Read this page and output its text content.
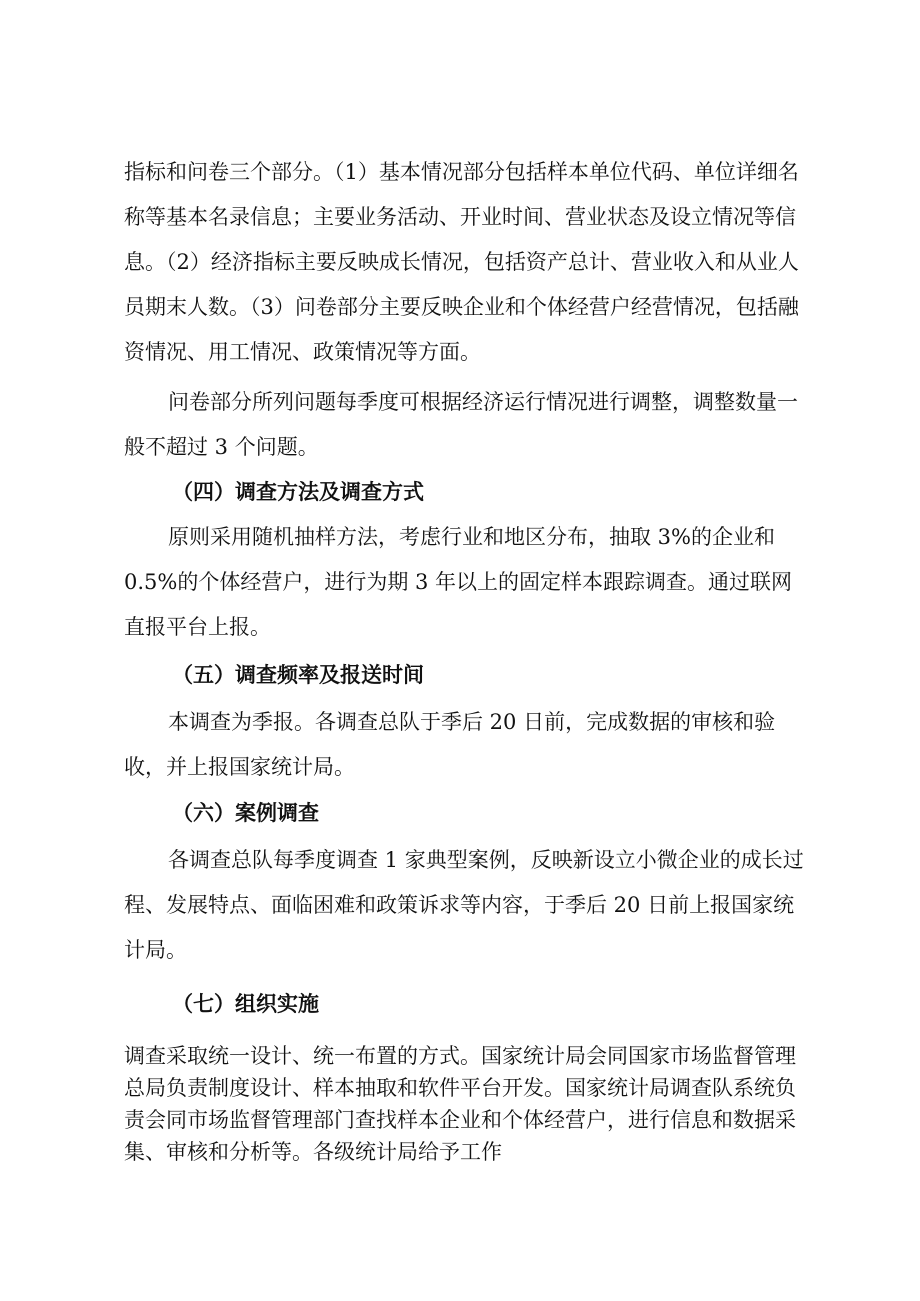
指标和问卷三个部分。（1）基本情况部分包括样本单位代码、单位详细名称等基本名录信息；主要业务活动、开业时间、营业状态及设立情况等信息。（2）经济指标主要反映成长情况，包括资产总计、营业收入和从业人员期末人数。（3）问卷部分主要反映企业和个体经营户经营情况，包括融资情况、用工情况、政策情况等方面。

问卷部分所列问题每季度可根据经济运行情况进行调整，调整数量一般不超过 3 个问题。

（四）调查方法及调查方式

原则采用随机抽样方法，考虑行业和地区分布，抽取 3%的企业和 0.5%的个体经营户，进行为期 3 年以上的固定样本跟踪调查。通过联网直报平台上报。

（五）调查频率及报送时间

本调查为季报。各调查总队于季后 20 日前，完成数据的审核和验收，并上报国家统计局。

（六）案例调查

各调查总队每季度调查 1 家典型案例，反映新设立小微企业的成长过程、发展特点、面临困难和政策诉求等内容，于季后 20 日前上报国家统计局。

（七）组织实施

调查采取统一设计、统一布置的方式。国家统计局会同国家市场监督管理总局负责制度设计、样本抽取和软件平台开发。国家统计局调查队系统负责会同市场监督管理部门查找样本企业和个体经营户，进行信息和数据采集、审核和分析等。各级统计局给予工作
